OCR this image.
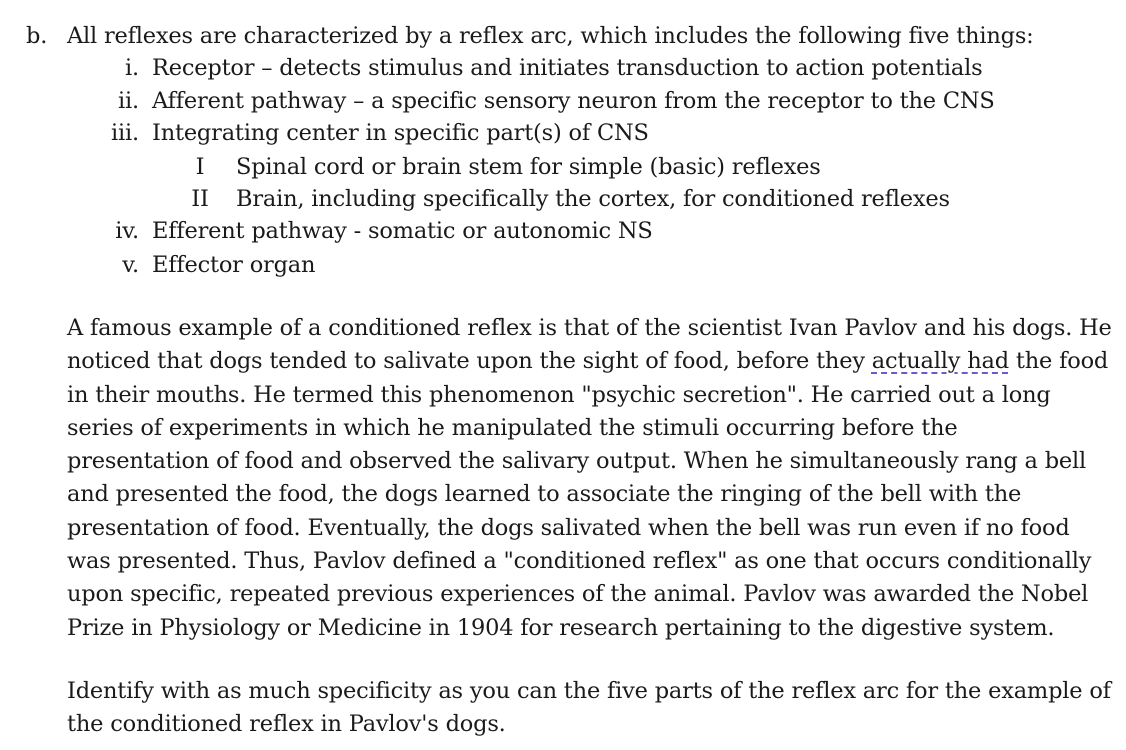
b. All reflexes are characterized by a reflex arc, which includes the following five things:
i. Receptor – detects stimulus and initiates transduction to action potentials
ii. Afferent pathway – a specific sensory neuron from the receptor to the CNS
iii. Integrating center in specific part(s) of CNS
I Spinal cord or brain stem for simple (basic) reflexes
II Brain, including specifically the cortex, for conditioned reflexes
iv. Efferent pathway - somatic or autonomic NS
v. Effector organ
A famous example of a conditioned reflex is that of the scientist Ivan Pavlov and his dogs. He
noticed that dogs tended to salivate upon the sight of food, before they actually had the food
in their mouths. He termed this phenomenon "psychic secretion". He carried out a long
series of experiments in which he manipulated the stimuli occurring before the
presentation of food and observed the salivary output. When he simultaneously rang a bell
and presented the food, the dogs learned to associate the ringing of the bell with the
presentation of food. Eventually, the dogs salivated when the bell was run even if no food
was presented. Thus, Pavlov defined a "conditioned reflex" as one that occurs conditionally
upon specific, repeated previous experiences of the animal. Pavlov was awarded the Nobel
Prize in Physiology or Medicine in 1904 for research pertaining to the digestive system.
Identify with as much specificity as you can the five parts of the reflex arc for the example of
the conditioned reflex in Pavlov's dogs.
